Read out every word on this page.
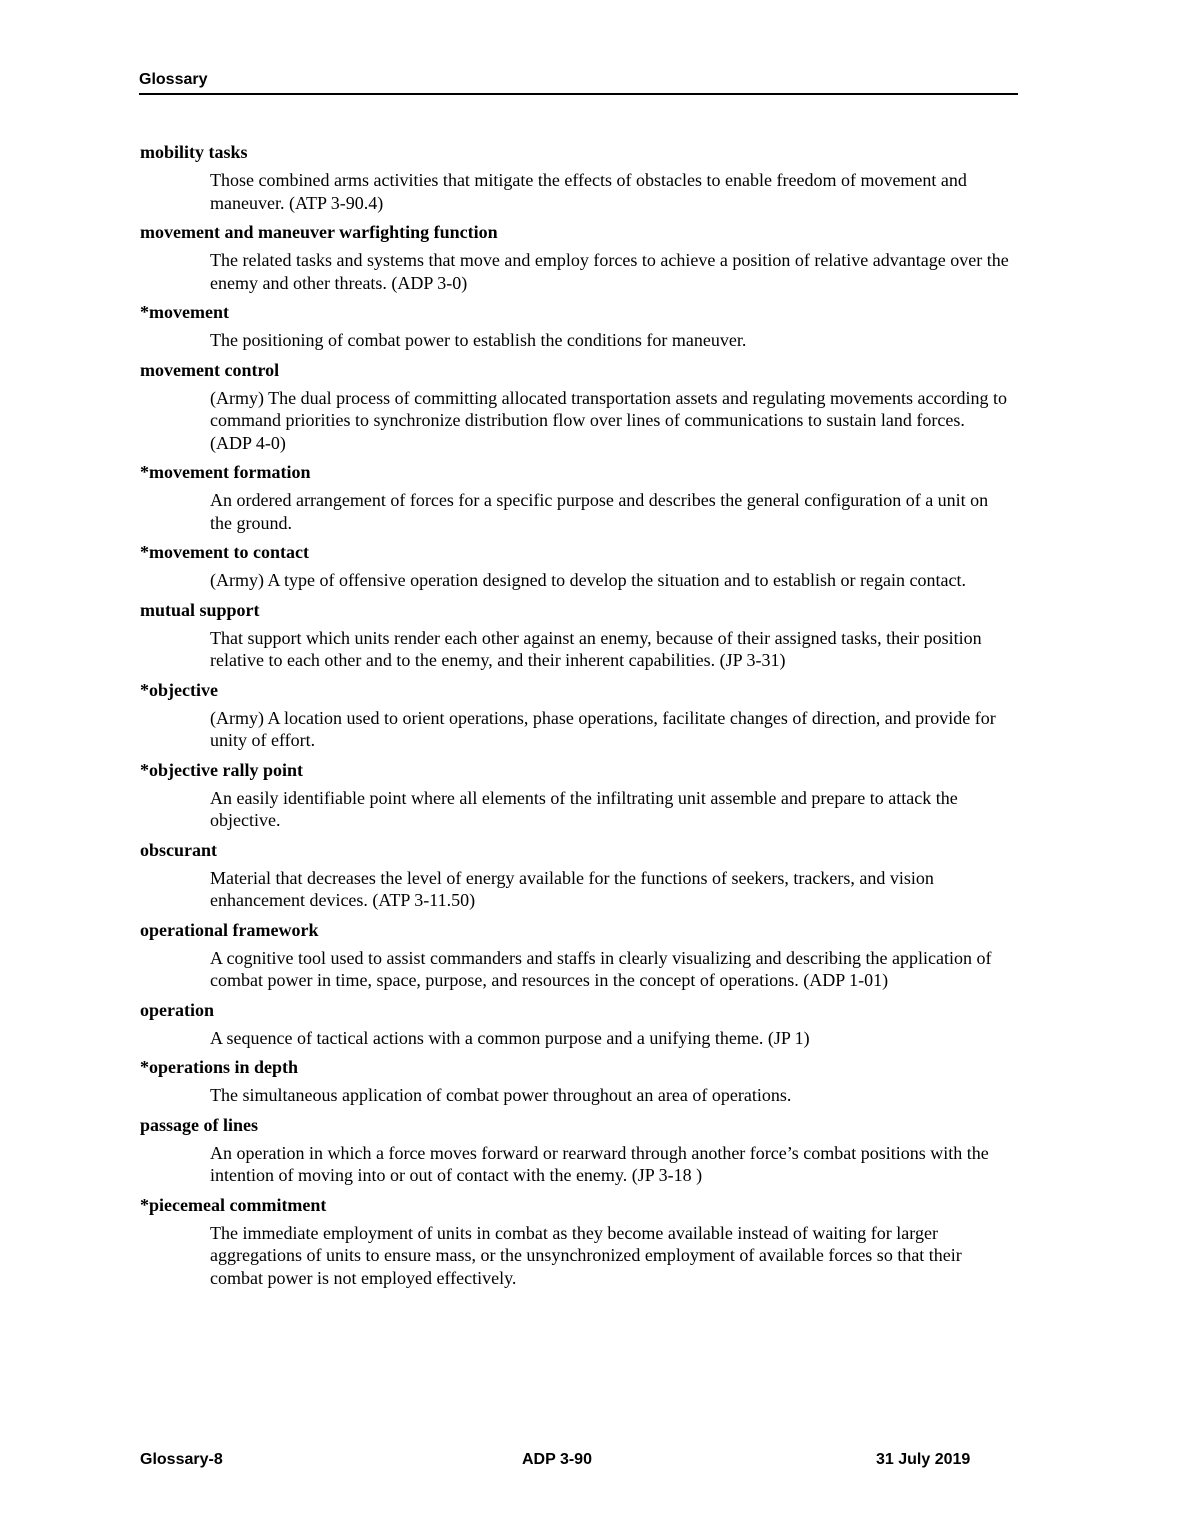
Glossary
mobility tasks
Those combined arms activities that mitigate the effects of obstacles to enable freedom of movement and maneuver. (ATP 3-90.4)
movement and maneuver warfighting function
The related tasks and systems that move and employ forces to achieve a position of relative advantage over the enemy and other threats. (ADP 3-0)
*movement
The positioning of combat power to establish the conditions for maneuver.
movement control
(Army) The dual process of committing allocated transportation assets and regulating movements according to command priorities to synchronize distribution flow over lines of communications to sustain land forces. (ADP 4-0)
*movement formation
An ordered arrangement of forces for a specific purpose and describes the general configuration of a unit on the ground.
*movement to contact
(Army) A type of offensive operation designed to develop the situation and to establish or regain contact.
mutual support
That support which units render each other against an enemy, because of their assigned tasks, their position relative to each other and to the enemy, and their inherent capabilities. (JP 3-31)
*objective
(Army) A location used to orient operations, phase operations, facilitate changes of direction, and provide for unity of effort.
*objective rally point
An easily identifiable point where all elements of the infiltrating unit assemble and prepare to attack the objective.
obscurant
Material that decreases the level of energy available for the functions of seekers, trackers, and vision enhancement devices. (ATP 3-11.50)
operational framework
A cognitive tool used to assist commanders and staffs in clearly visualizing and describing the application of combat power in time, space, purpose, and resources in the concept of operations. (ADP 1-01)
operation
A sequence of tactical actions with a common purpose and a unifying theme. (JP 1)
*operations in depth
The simultaneous application of combat power throughout an area of operations.
passage of lines
An operation in which a force moves forward or rearward through another force’s combat positions with the intention of moving into or out of contact with the enemy. (JP 3-18 )
*piecemeal commitment
The immediate employment of units in combat as they become available instead of waiting for larger aggregations of units to ensure mass, or the unsynchronized employment of available forces so that their combat power is not employed effectively.
Glossary-8	ADP 3-90	31 July 2019
